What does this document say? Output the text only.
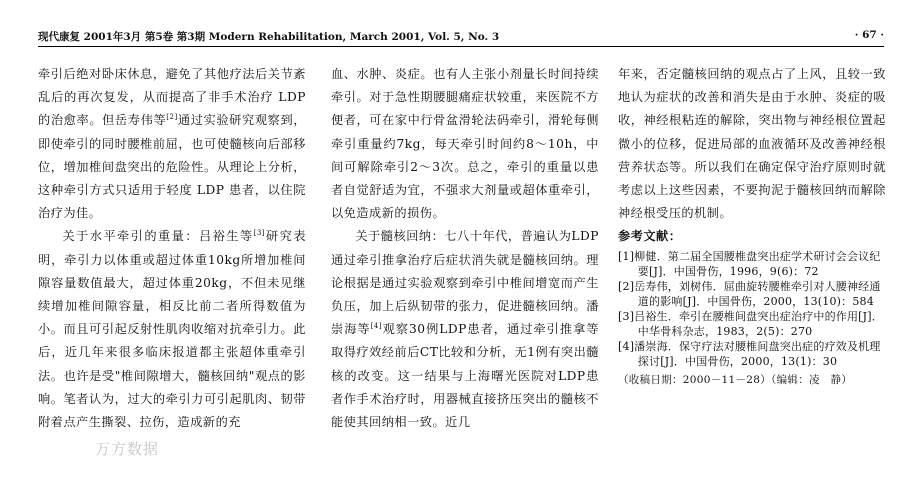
现代康复 2001年3月 第5卷 第3期 Modern Rehabilitation, March 2001, Vol. 5, No. 3	· 67 ·

牵引后绝对卧床休息，避免了其他疗法后关节紊乱后的再次复发，从而提高了非手术治疗 LDP 的治愈率。但岳寿伟等[2]通过实验研究观察到，即使牵引的同时腰椎前屈，也可使髓核向后部移位，增加椎间盘突出的危险性。从理论上分析，这种牵引方式只适用于轻度 LDP 患者，以住院治疗为佳。

关于水平牵引的重量：吕裕生等[3]研究表明，牵引力以体重或超过体重10kg所增加椎间隙容量数值最大，超过体重20kg，不但未见继续增加椎间隙容量，相反比前二者所得数值为小。而且可引起反射性肌肉收缩对抗牵引力。此后，近几年来很多临床报道都主张超体重牵引法。也许是受"椎间隙增大，髓核回纳"观点的影响。笔者认为，过大的牵引力可引起肌肉、韧带附着点产生撕裂、拉伤，造成新的充

血、水肿、炎症。也有人主张小剂量长时间持续牵引。对于急性期腰腿痛症状较重，来医院不方便者，可在家中行骨盆滑轮法码牵引，滑轮每侧牵引重量约7kg，每天牵引时间约8～10h，中间可解除牵引2～3次。总之，牵引的重量以患者自觉舒适为宜，不强求大剂量或超体重牵引，以免造成新的损伤。

关于髓核回纳：七八十年代，普遍认为LDP通过牵引推拿治疗后症状消失就是髓核回纳。理论根据是通过实验观察到牵引中椎间增宽而产生负压，加上后纵韧带的张力，促进髓核回纳。潘崇海等[4]观察30例LDP患者，通过牵引推拿等取得疗效经前后CT比较和分析，无1例有突出髓核的改变。这一结果与上海曙光医院对LDP患者作手术治疗时，用器械直接挤压突出的髓核不能使其回纳相一致。近几

年来，否定髓核回纳的观点占了上风，且较一致地认为症状的改善和消失是由于水肿、炎症的吸收，神经根粘连的解除，突出物与神经根位置起微小的位移，促进局部的血液循环及改善神经根营养状态等。所以我们在确定保守治疗原则时就考虑以上这些因素，不要拘泥于髓核回纳而解除神经根受压的机制。

参考文献：

[1]柳健．第二届全国腰椎盘突出症学术研讨会会议纪要[J]．中国骨伤，1996，9(6)：72

[2]岳寿伟，刘树伟．屈曲旋转腰椎牵引对人腰神经通道的影响[J]．中国骨伤，2000，13(10)：584

[3]吕裕生．牵引在腰椎间盘突出症治疗中的作用[J]．中华骨科杂志，1983，2(5)：270

[4]潘崇海．保守疗法对腰椎间盘突出症的疗效及机理探讨[J]．中国骨伤，2000，13(1)：30

（收稿日期：2000－11－28）（编辑：凌　静）

万方数据
